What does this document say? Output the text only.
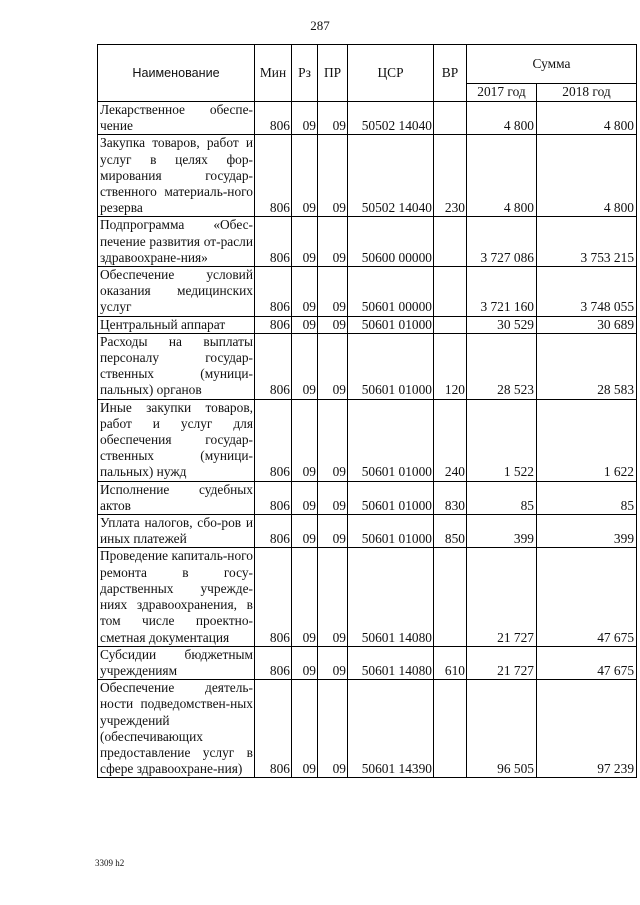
287
Наименование	Мин	Рз	ПР	ЦСР	ВР	Сумма	
						2017 год	2018 год
Лекарственное обеспе-чение	806	09	09	50502 14040		4 800	4 800
Закупка товаров, работ и услуг в целях фор-мирования государ-ственного материаль-ного резерва	806	09	09	50502 14040	230	4 800	4 800
Подпрограмма «Обес-печение развития от-расли здравоохране-ния»	806	09	09	50600 00000		3 727 086	3 753 215
Обеспечение условий оказания медицинских услуг	806	09	09	50601 00000		3 721 160	3 748 055
Центральный аппарат	806	09	09	50601 01000		30 529	30 689
Расходы на выплаты персоналу государ-ственных (муници-пальных) органов	806	09	09	50601 01000	120	28 523	28 583
Иные закупки товаров, работ и услуг для обеспечения государ-ственных (муници-пальных) нужд	806	09	09	50601 01000	240	1 522	1 622
Исполнение судебных актов	806	09	09	50601 01000	830	85	85
Уплата налогов, сбо-ров и иных платежей	806	09	09	50601 01000	850	399	399
Проведение капиталь-ного ремонта в госу-дарственных учрежде-ниях здравоохранения, в том числе проектно-сметная документация	806	09	09	50601 14080		21 727	47 675
Субсидии бюджетным учреждениям	806	09	09	50601 14080	610	21 727	47 675
Обеспечение деятель-ности подведомствен-ных учреждений (обеспечивающих предоставление услуг в сфере здравоохране-ния)	806	09	09	50601 14390		96 505	97 239
3309 h2
